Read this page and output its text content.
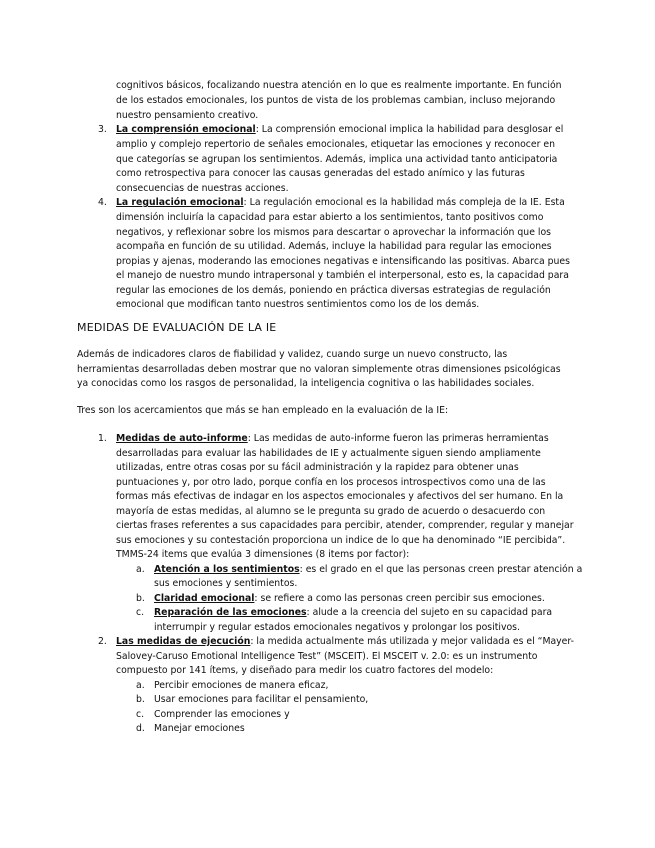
cognitivos básicos, focalizando nuestra atención en lo que es realmente importante. En función
de los estados emocionales, los puntos de vista de los problemas cambian, incluso mejorando
nuestro pensamiento creativo.
3. La comprensión emocional: La comprensión emocional implica la habilidad para desglosar el
amplio y complejo repertorio de señales emocionales, etiquetar las emociones y reconocer en
que categorías se agrupan los sentimientos. Además, implica una actividad tanto anticipatoria
como retrospectiva para conocer las causas generadas del estado anímico y las futuras
consecuencias de nuestras acciones.
4. La regulación emocional: La regulación emocional es la habilidad más compleja de la IE. Esta
dimensión incluiría la capacidad para estar abierto a los sentimientos, tanto positivos como
negativos, y reflexionar sobre los mismos para descartar o aprovechar la información que los
acompaña en función de su utilidad. Además, incluye la habilidad para regular las emociones
propias y ajenas, moderando las emociones negativas e intensificando las positivas. Abarca pues
el manejo de nuestro mundo intrapersonal y también el interpersonal, esto es, la capacidad para
regular las emociones de los demás, poniendo en práctica diversas estrategias de regulación
emocional que modifican tanto nuestros sentimientos como los de los demás.
MEDIDAS DE EVALUACIÓN DE LA IE
Además de indicadores claros de fiabilidad y validez, cuando surge un nuevo constructo, las
herramientas desarrolladas deben mostrar que no valoran simplemente otras dimensiones psicológicas
ya conocidas como los rasgos de personalidad, la inteligencia cognitiva o las habilidades sociales.
Tres son los acercamientos que más se han empleado en la evaluación de la IE:
1. Medidas de auto-informe: Las medidas de auto-informe fueron las primeras herramientas
desarrolladas para evaluar las habilidades de IE y actualmente siguen siendo ampliamente
utilizadas, entre otras cosas por su fácil administración y la rapidez para obtener unas
puntuaciones y, por otro lado, porque confía en los procesos introspectivos como una de las
formas más efectivas de indagar en los aspectos emocionales y afectivos del ser humano. En la
mayoría de estas medidas, al alumno se le pregunta su grado de acuerdo o desacuerdo con
ciertas frases referentes a sus capacidades para percibir, atender, comprender, regular y manejar
sus emociones y su contestación proporciona un indice de lo que ha denominado “IE percibida”.
TMMS-24 items que evalúa 3 dimensiones (8 items por factor):
a. Atención a los sentimientos: es el grado en el que las personas creen prestar atención a
sus emociones y sentimientos.
b. Claridad emocional: se refiere a como las personas creen percibir sus emociones.
c. Reparación de las emociones: alude a la creencia del sujeto en su capacidad para
interrumpir y regular estados emocionales negativos y prolongar los positivos.
2. Las medidas de ejecución: la medida actualmente más utilizada y mejor validada es el “Mayer-
Salovey-Caruso Emotional Intelligence Test” (MSCEIT). El MSCEIT v. 2.0: es un instrumento
compuesto por 141 ítems, y diseñado para medir los cuatro factores del modelo:
a. Percibir emociones de manera eficaz,
b. Usar emociones para facilitar el pensamiento,
c. Comprender las emociones y
d. Manejar emociones
